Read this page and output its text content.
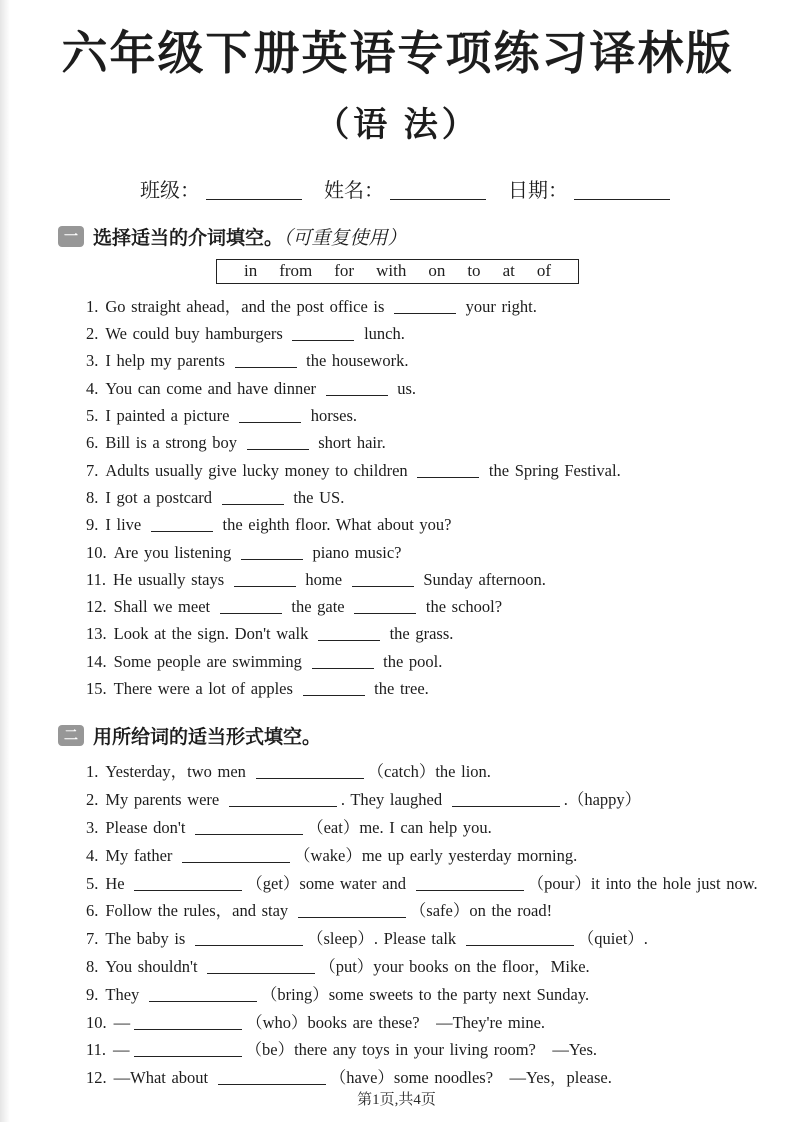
六年级下册英语专项练习译林版
（语 法）
班级：	姓名：	日期：
一 选择适当的介词填空。（可重复使用）
in from for with on to at of
1. Go straight ahead，and the post office is	your right.
2. We could buy hamburgers	lunch.
3. I help my parents	the housework.
4. You can come and have dinner	us.
5. I painted a picture	horses.
6. Bill is a strong boy	short hair.
7. Adults usually give lucky money to children	the Spring Festival.
8. I got a postcard	the US.
9. I live	the eighth floor. What about you?
10. Are you listening	piano music?
11. He usually stays	home	Sunday afternoon.
12. Shall we meet	the gate	the school?
13. Look at the sign. Don't walk	the grass.
14. Some people are swimming	the pool.
15. There were a lot of apples	the tree.
二 用所给词的适当形式填空。
1. Yesterday，two men	（catch）the lion.
2. My parents were	. They laughed	.（happy）
3. Please don't	（eat）me. I can help you.
4. My father	（wake）me up early yesterday morning.
5. He	（get）some water and	（pour）it into the hole just now.
6. Follow the rules，and stay	（safe）on the road!
7. The baby is	（sleep）. Please talk	（quiet）.
8. You shouldn't	（put）your books on the floor，Mike.
9. They	（bring）some sweets to the party next Sunday.
10. —	（who）books are these? —They're mine.
11. —	（be）there any toys in your living room? —Yes.
12. —What about	（have）some noodles? —Yes，please.
第1页,共4页
